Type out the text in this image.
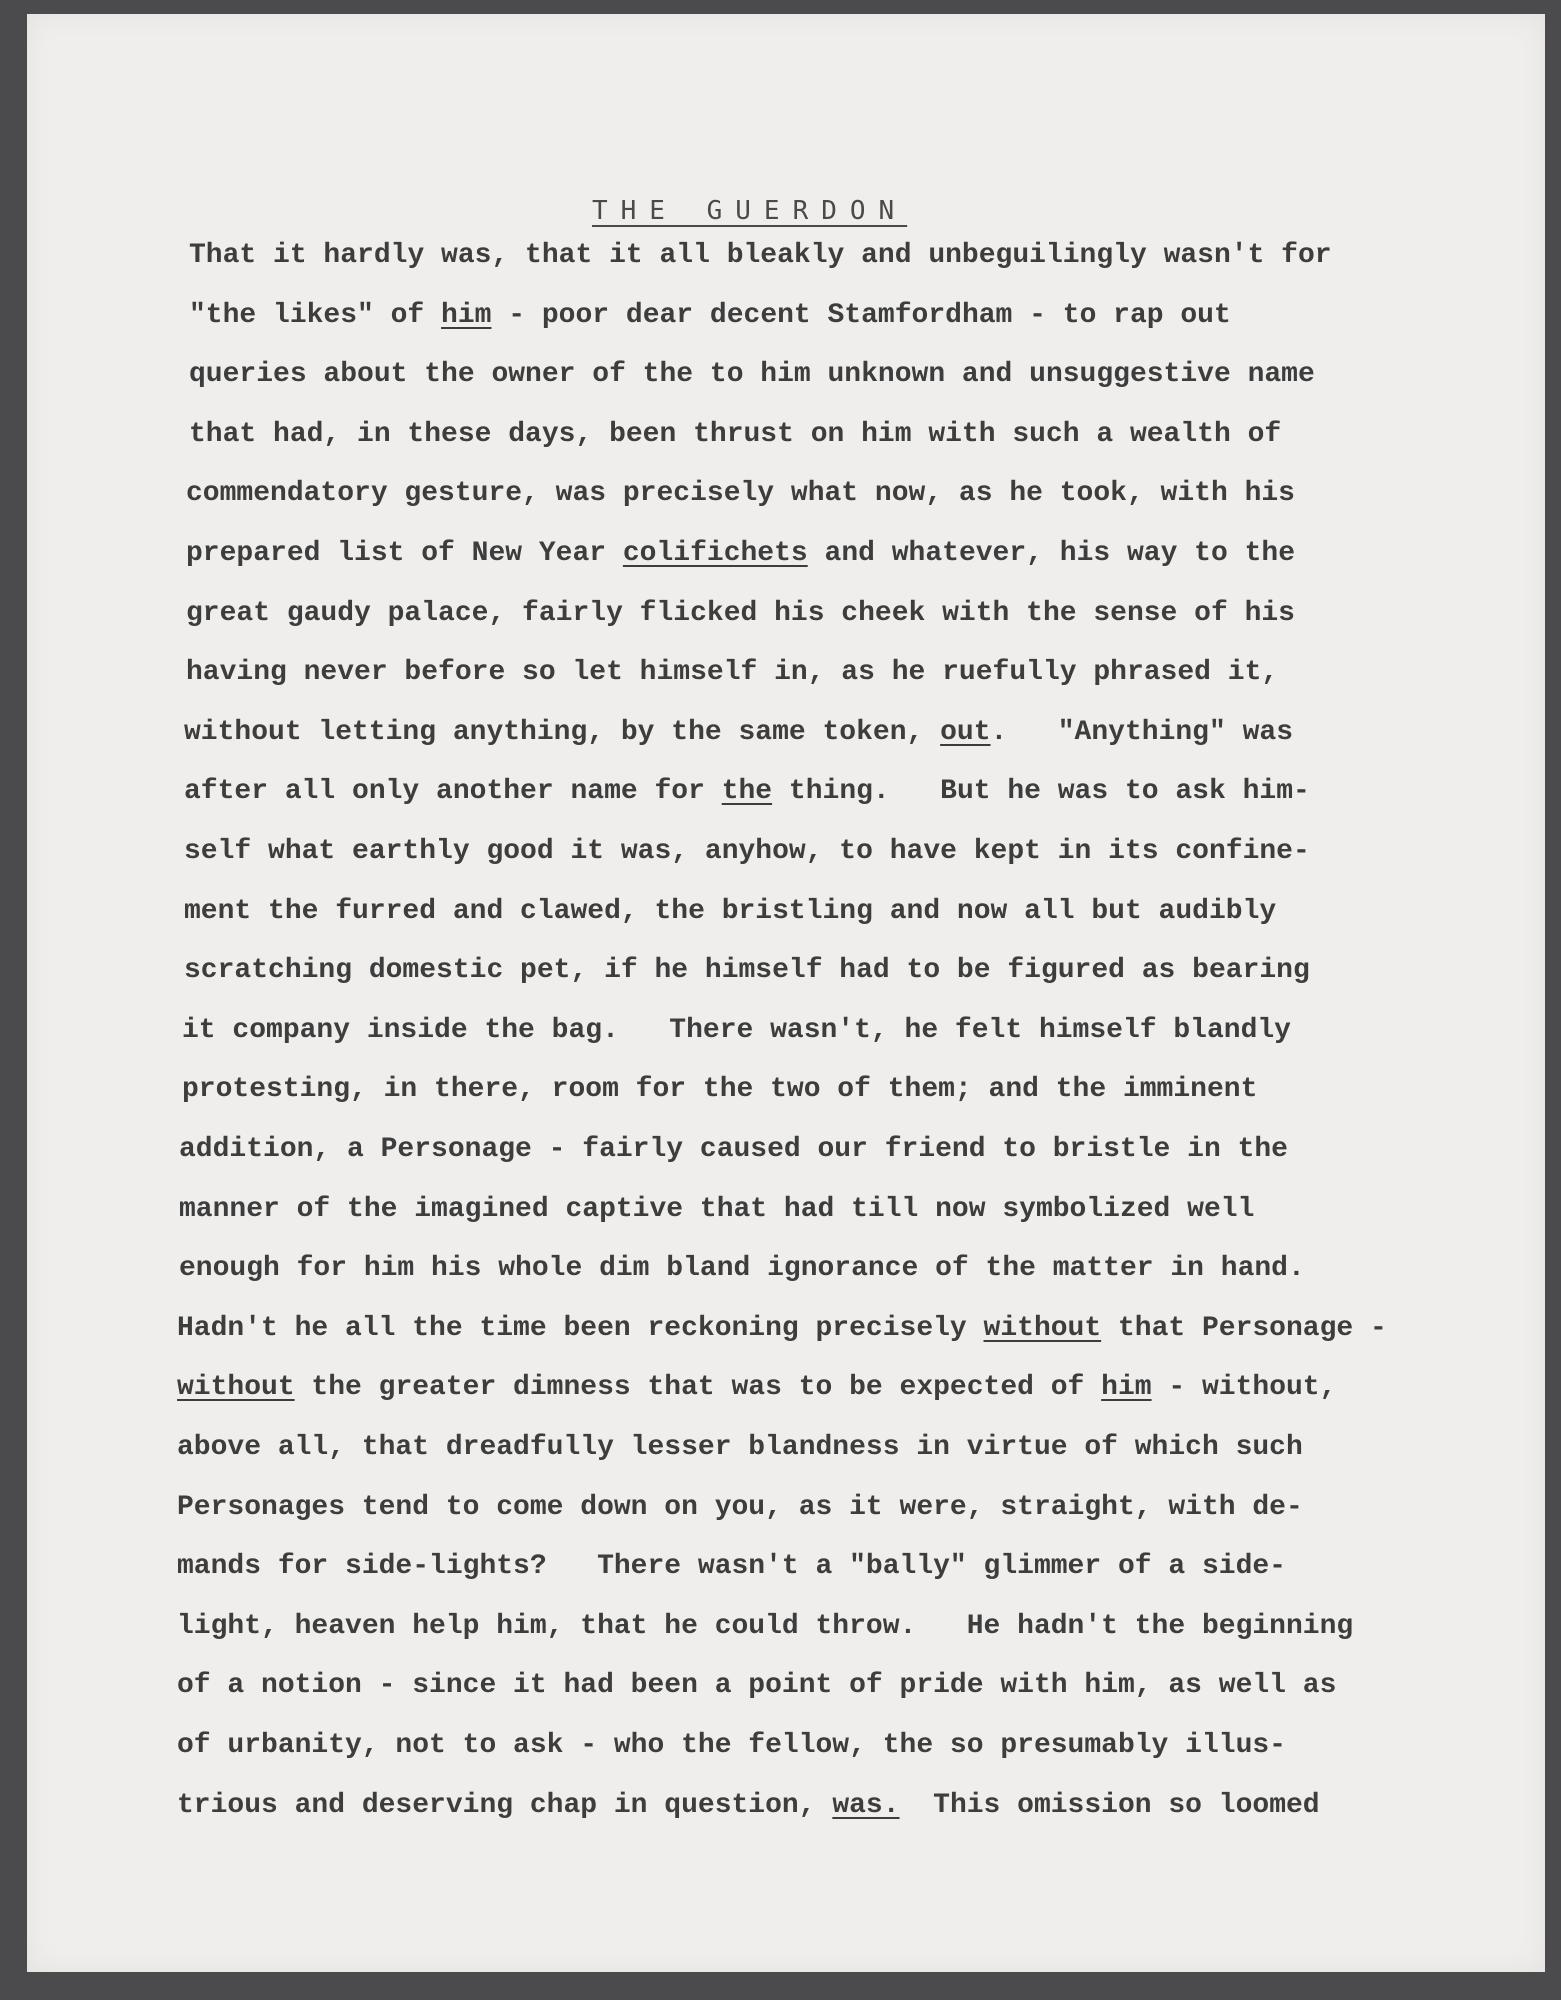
THE GUERDON
That it hardly was, that it all bleakly and unbeguilingly wasn't for
"the likes" of him - poor dear decent Stamfordham - to rap out
queries about the owner of the to him unknown and unsuggestive name
that had, in these days, been thrust on him with such a wealth of
commendatory gesture, was precisely what now, as he took, with his
prepared list of New Year colifichets and whatever, his way to the
great gaudy palace, fairly flicked his cheek with the sense of his
having never before so let himself in, as he ruefully phrased it,
without letting anything, by the same token, out.   "Anything" was
after all only another name for the thing.   But he was to ask him-
self what earthly good it was, anyhow, to have kept in its confine-
ment the furred and clawed, the bristling and now all but audibly
scratching domestic pet, if he himself had to be figured as bearing
it company inside the bag.   There wasn't, he felt himself blandly
protesting, in there, room for the two of them; and the imminent
addition, a Personage - fairly caused our friend to bristle in the
manner of the imagined captive that had till now symbolized well
enough for him his whole dim bland ignorance of the matter in hand.
Hadn't he all the time been reckoning precisely without that Personage -
without the greater dimness that was to be expected of him - without,
above all, that dreadfully lesser blandness in virtue of which such
Personages tend to come down on you, as it were, straight, with de-
mands for side-lights?   There wasn't a "bally" glimmer of a side-
light, heaven help him, that he could throw.   He hadn't the beginning
of a notion - since it had been a point of pride with him, as well as
of urbanity, not to ask - who the fellow, the so presumably illus-
trious and deserving chap in question, was.  This omission so loomed
